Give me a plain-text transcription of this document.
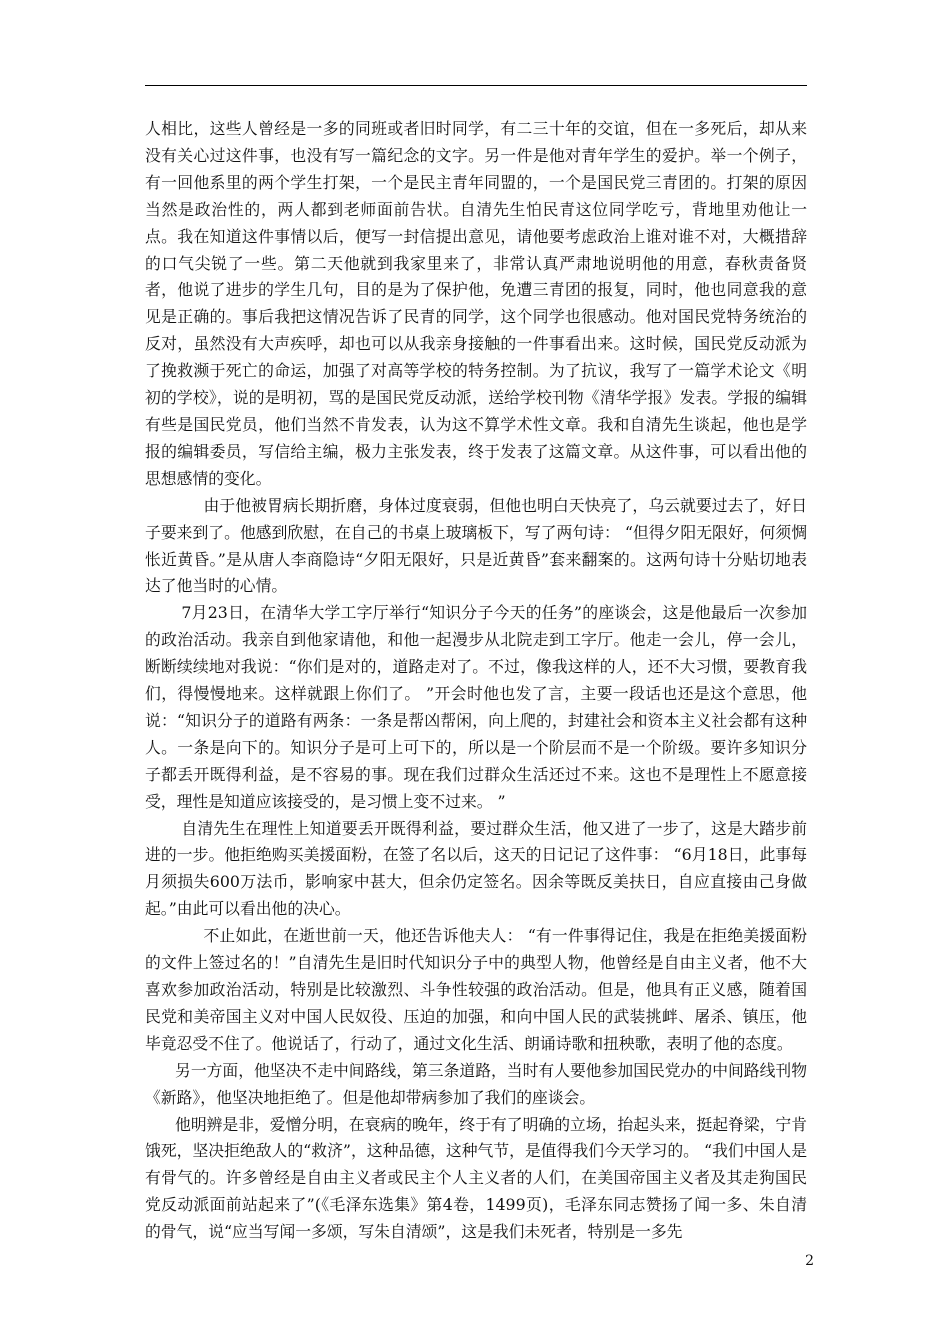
人相比，这些人曾经是一多的同班或者旧时同学，有二三十年的交谊，但在一多死后，却从来没有关心过这件事，也没有写一篇纪念的文字。另一件是他对青年学生的爱护。举一个例子，有一回他系里的两个学生打架，一个是民主青年同盟的，一个是国民党三青团的。打架的原因当然是政治性的，两人都到老师面前告状。自清先生怕民青这位同学吃亏，背地里劝他让一点。我在知道这件事情以后，便写一封信提出意见，请他要考虑政治上谁对谁不对，大概措辞的口气尖锐了一些。第二天他就到我家里来了，非常认真严肃地说明他的用意，春秋责备贤者，他说了进步的学生几句，目的是为了保护他，免遭三青团的报复，同时，他也同意我的意见是正确的。事后我把这情况告诉了民青的同学，这个同学也很感动。他对国民党特务统治的反对，虽然没有大声疾呼，却也可以从我亲身接触的一件事看出来。这时候，国民党反动派为了挽救濒于死亡的命运，加强了对高等学校的特务控制。为了抗议，我写了一篇学术论文《明初的学校》，说的是明初，骂的是国民党反动派，送给学校刊物《清华学报》发表。学报的编辑有些是国民党员，他们当然不肯发表，认为这不算学术性文章。我和自清先生谈起，他也是学报的编辑委员，写信给主编，极力主张发表，终于发表了这篇文章。从这件事，可以看出他的思想感情的变化。

由于他被胃病长期折磨，身体过度衰弱，但他也明白天快亮了，乌云就要过去了，好日子要来到了。他感到欣慰，在自己的书桌上玻璃板下，写了两句诗： “但得夕阳无限好，何须惆怅近黄昏。”是从唐人李商隐诗“夕阳无限好，只是近黄昏”套来翻案的。这两句诗十分贴切地表达了他当时的心情。

7月23日，在清华大学工字厅举行“知识分子今天的任务”的座谈会，这是他最后一次参加的政治活动。我亲自到他家请他，和他一起漫步从北院走到工字厅。他走一会儿，停一会儿，断断续续地对我说：“你们是对的，道路走对了。不过，像我这样的人，还不大习惯，要教育我们，得慢慢地来。这样就跟上你们了。 ”开会时他也发了言，主要一段话也还是这个意思，他说：“知识分子的道路有两条：一条是帮凶帮闲，向上爬的，封建社会和资本主义社会都有这种人。一条是向下的。知识分子是可上可下的，所以是一个阶层而不是一个阶级。要许多知识分子都丢开既得利益，是不容易的事。现在我们过群众生活还过不来。这也不是理性上不愿意接受，理性是知道应该接受的，是习惯上变不过来。 ”

自清先生在理性上知道要丢开既得利益，要过群众生活，他又进了一步了，这是大踏步前进的一步。他拒绝购买美援面粉，在签了名以后，这天的日记记了这件事： “6月18日，此事每月须损失600万法币，影响家中甚大，但余仍定签名。因余等既反美扶日，自应直接由己身做起。”由此可以看出他的决心。

不止如此，在逝世前一天，他还告诉他夫人： “有一件事得记住，我是在拒绝美援面粉的文件上签过名的！”自清先生是旧时代知识分子中的典型人物，他曾经是自由主义者，他不大喜欢参加政治活动，特别是比较激烈、斗争性较强的政治活动。但是，他具有正义感，随着国民党和美帝国主义对中国人民奴役、压迫的加强，和向中国人民的武装挑衅、屠杀、镇压，他毕竟忍受不住了。他说话了，行动了，通过文化生活、朗诵诗歌和扭秧歌，表明了他的态度。

另一方面，他坚决不走中间路线，第三条道路，当时有人要他参加国民党办的中间路线刊物《新路》，他坚决地拒绝了。但是他却带病参加了我们的座谈会。

他明辨是非，爱憎分明，在衰病的晚年，终于有了明确的立场，抬起头来，挺起脊梁，宁肯饿死，坚决拒绝敌人的“救济”，这种品德，这种气节，是值得我们今天学习的。 “我们中国人是有骨气的。许多曾经是自由主义者或民主个人主义者的人们，在美国帝国主义者及其走狗国民党反动派面前站起来了”(《毛泽东选集》第4卷，1499页)，毛泽东同志赞扬了闻一多、朱自清的骨气，说“应当写闻一多颂，写朱自清颂”，这是我们未死者，特别是一多先

2
